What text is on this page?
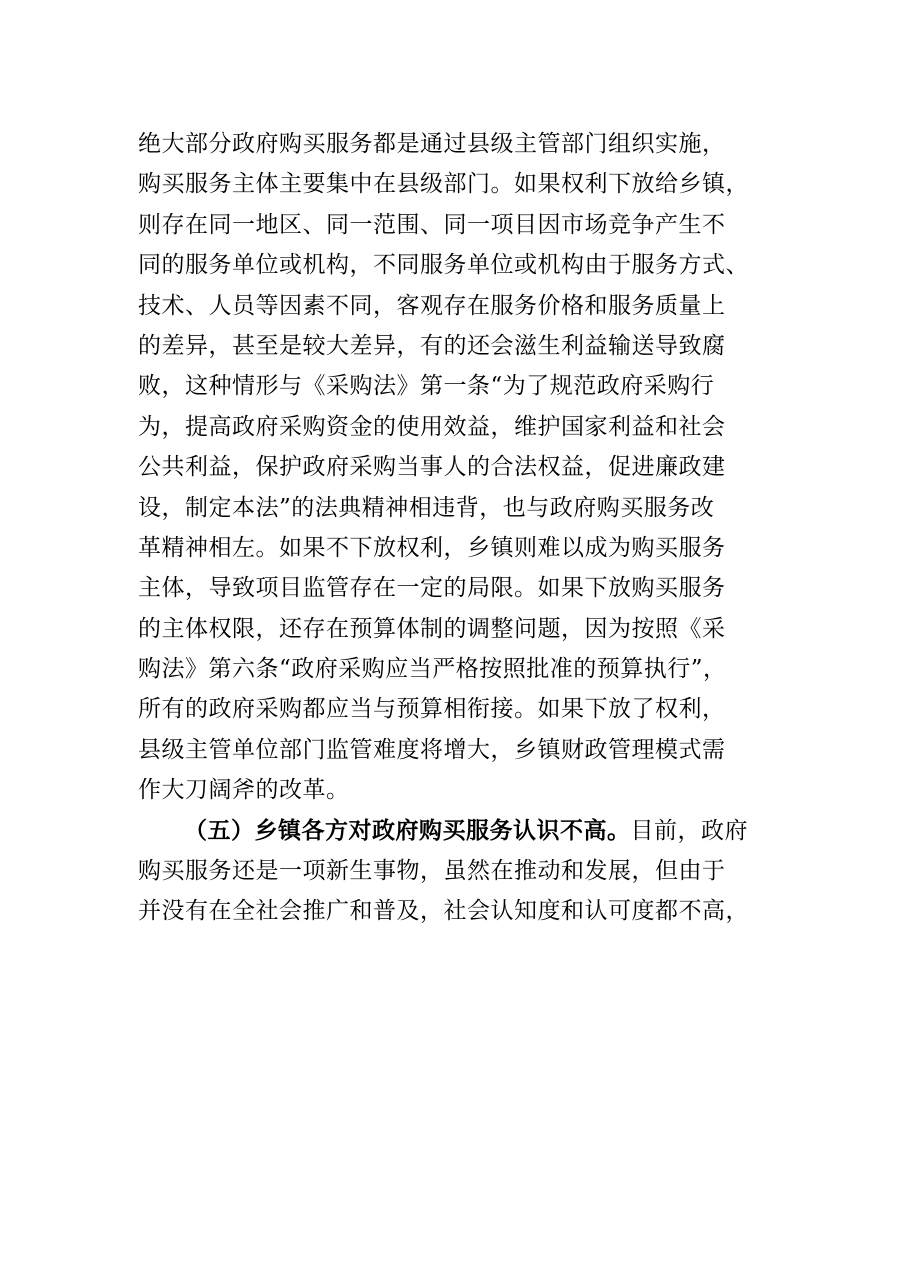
绝大部分政府购买服务都是通过县级主管部门组织实施，
购买服务主体主要集中在县级部门。如果权利下放给乡镇，
则存在同一地区、同一范围、同一项目因市场竞争产生不
同的服务单位或机构，不同服务单位或机构由于服务方式、
技术、人员等因素不同，客观存在服务价格和服务质量上
的差异，甚至是较大差异，有的还会滋生利益输送导致腐
败，这种情形与《采购法》第一条“为了规范政府采购行
为，提高政府采购资金的使用效益，维护国家利益和社会
公共利益，保护政府采购当事人的合法权益，促进廉政建
设，制定本法”的法典精神相违背，也与政府购买服务改
革精神相左。如果不下放权利，乡镇则难以成为购买服务
主体，导致项目监管存在一定的局限。如果下放购买服务
的主体权限，还存在预算体制的调整问题，因为按照《采
购法》第六条“政府采购应当严格按照批准的预算执行”，
所有的政府采购都应当与预算相衔接。如果下放了权利，
县级主管单位部门监管难度将增大，乡镇财政管理模式需
作大刀阔斧的改革。
（五）乡镇各方对政府购买服务认识不高。目前，政府
购买服务还是一项新生事物，虽然在推动和发展，但由于
并没有在全社会推广和普及，社会认知度和认可度都不高，
